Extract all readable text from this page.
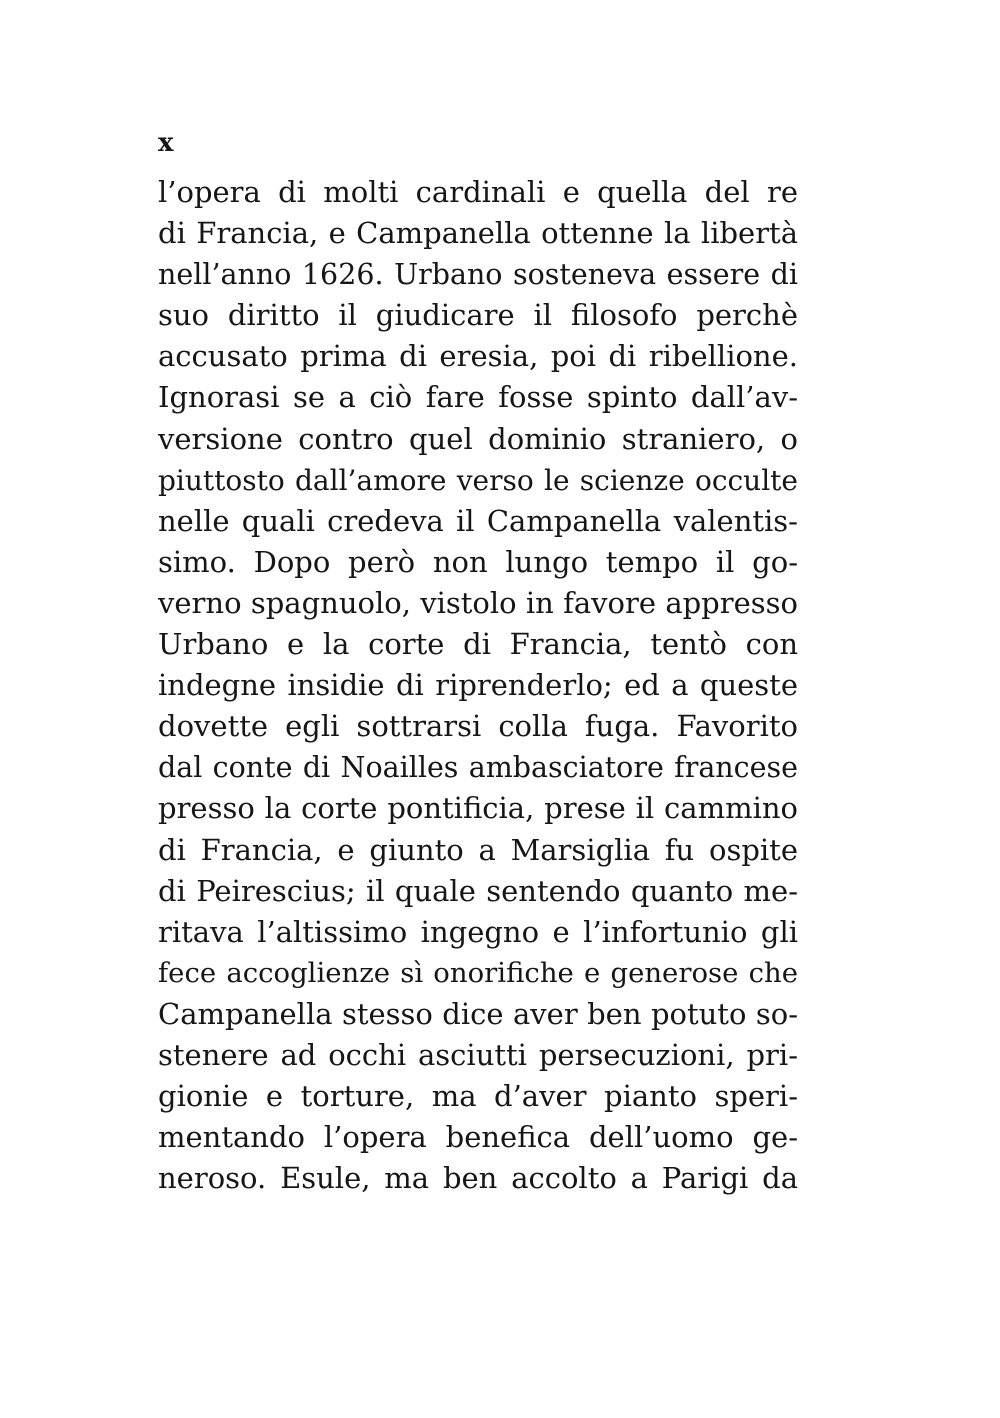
x
l’opera di molti cardinali e quella del re
di Francia, e Campanella ottenne la libertà
nell’anno 1626. Urbano sosteneva essere di
suo diritto il giudicare il filosofo perchè
accusato prima di eresia, poi di ribellione.
Ignorasi se a ciò fare fosse spinto dall’av-
versione contro quel dominio straniero, o
piuttosto dall’amore verso le scienze occulte
nelle quali credeva il Campanella valentis-
simo. Dopo però non lungo tempo il go-
verno spagnuolo, vistolo in favore appresso
Urbano e la corte di Francia, tentò con
indegne insidie di riprenderlo; ed a queste
dovette egli sottrarsi colla fuga. Favorito
dal conte di Noailles ambasciatore francese
presso la corte pontificia, prese il cammino
di Francia, e giunto a Marsiglia fu ospite
di Peirescius; il quale sentendo quanto me-
ritava l’altissimo ingegno e l’infortunio gli
fece accoglienze sì onorifiche e generose che
Campanella stesso dice aver ben potuto so-
stenere ad occhi asciutti persecuzioni, pri-
gionie e torture, ma d’aver pianto speri-
mentando l’opera benefica dell’uomo ge-
neroso. Esule, ma ben accolto a Parigi da
